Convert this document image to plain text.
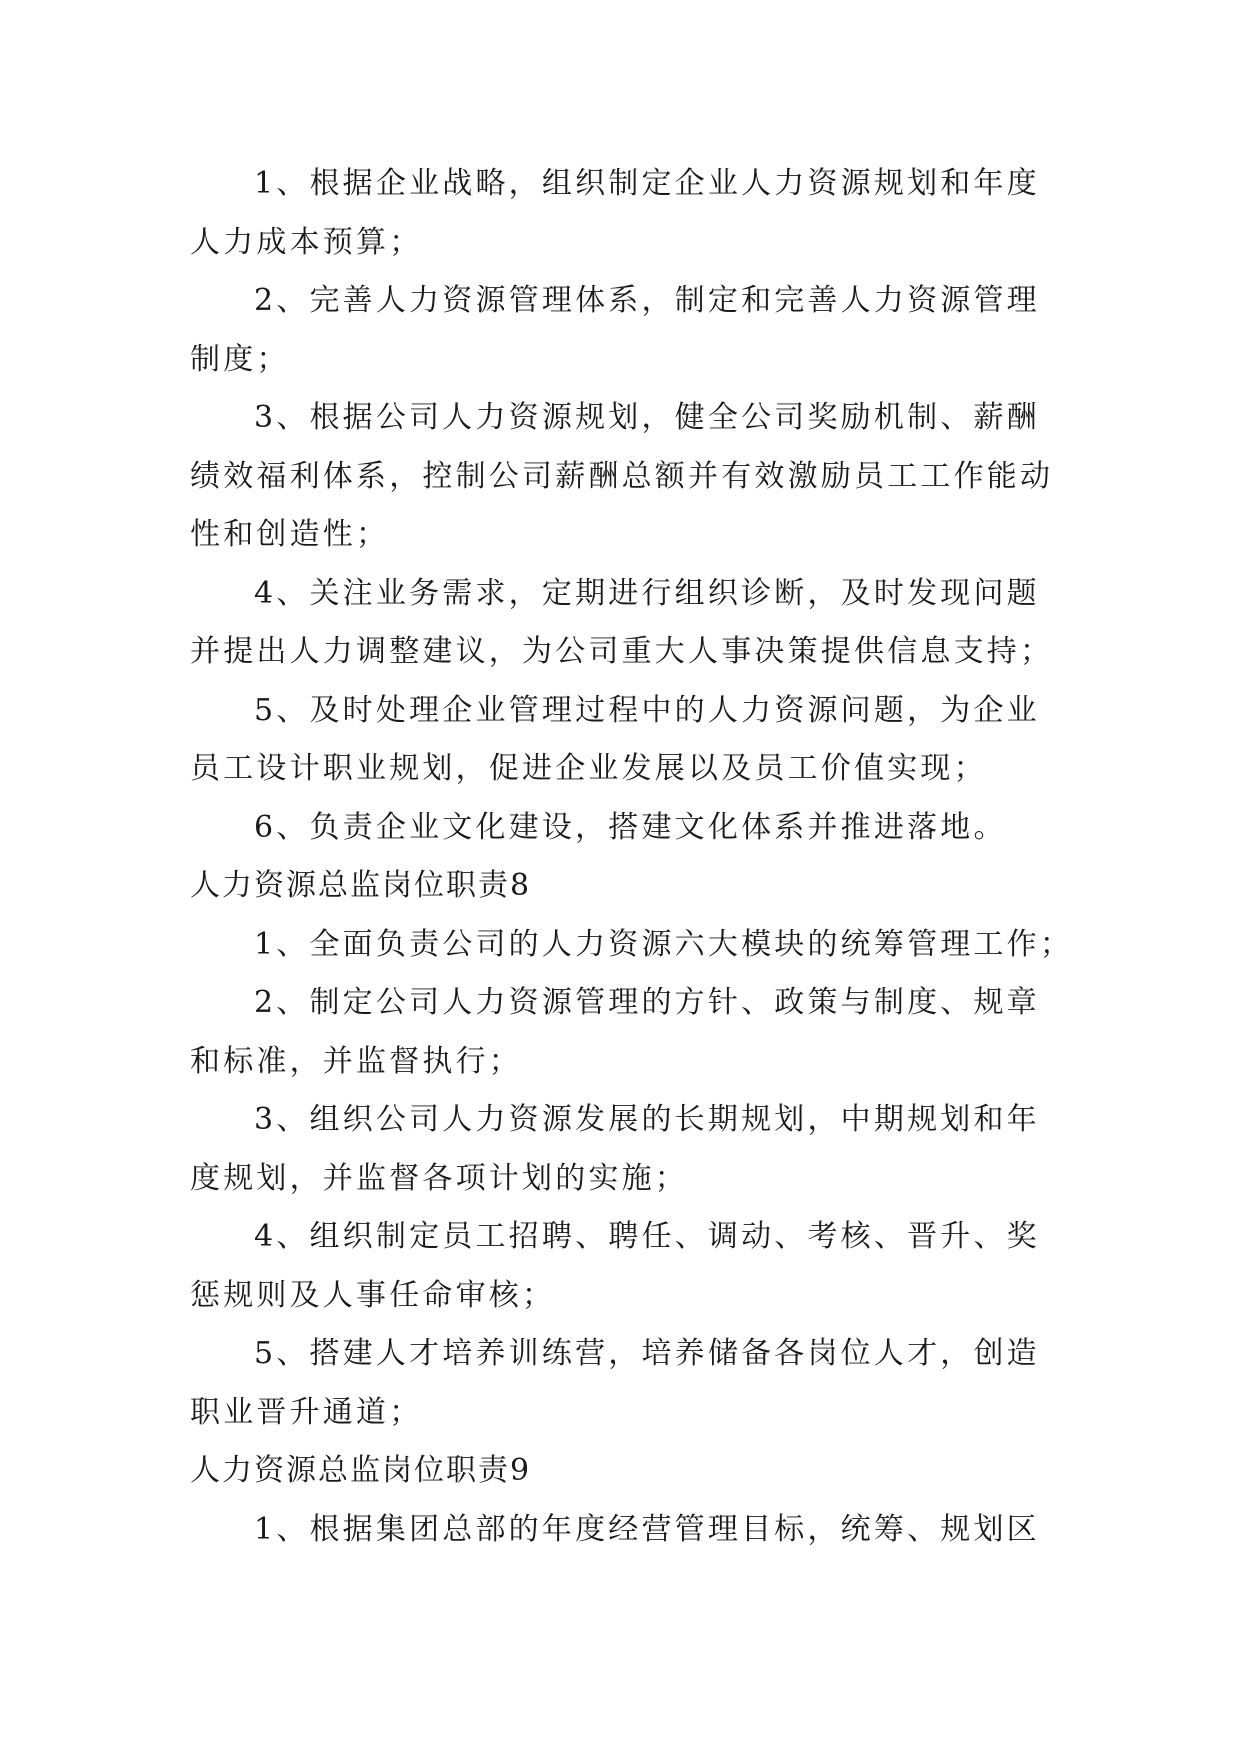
1、根据企业战略，组织制定企业人力资源规划和年度
人力成本预算；
2、完善人力资源管理体系，制定和完善人力资源管理
制度；
3、根据公司人力资源规划，健全公司奖励机制、薪酬
绩效福利体系，控制公司薪酬总额并有效激励员工工作能动
性和创造性；
4、关注业务需求，定期进行组织诊断，及时发现问题
并提出人力调整建议，为公司重大人事决策提供信息支持；
5、及时处理企业管理过程中的人力资源问题，为企业
员工设计职业规划，促进企业发展以及员工价值实现；
6、负责企业文化建设，搭建文化体系并推进落地。
人力资源总监岗位职责8
1、全面负责公司的人力资源六大模块的统筹管理工作；
2、制定公司人力资源管理的方针、政策与制度、规章
和标准，并监督执行；
3、组织公司人力资源发展的长期规划，中期规划和年
度规划，并监督各项计划的实施；
4、组织制定员工招聘、聘任、调动、考核、晋升、奖
惩规则及人事任命审核；
5、搭建人才培养训练营，培养储备各岗位人才，创造
职业晋升通道；
人力资源总监岗位职责9
1、根据集团总部的年度经营管理目标，统筹、规划区
